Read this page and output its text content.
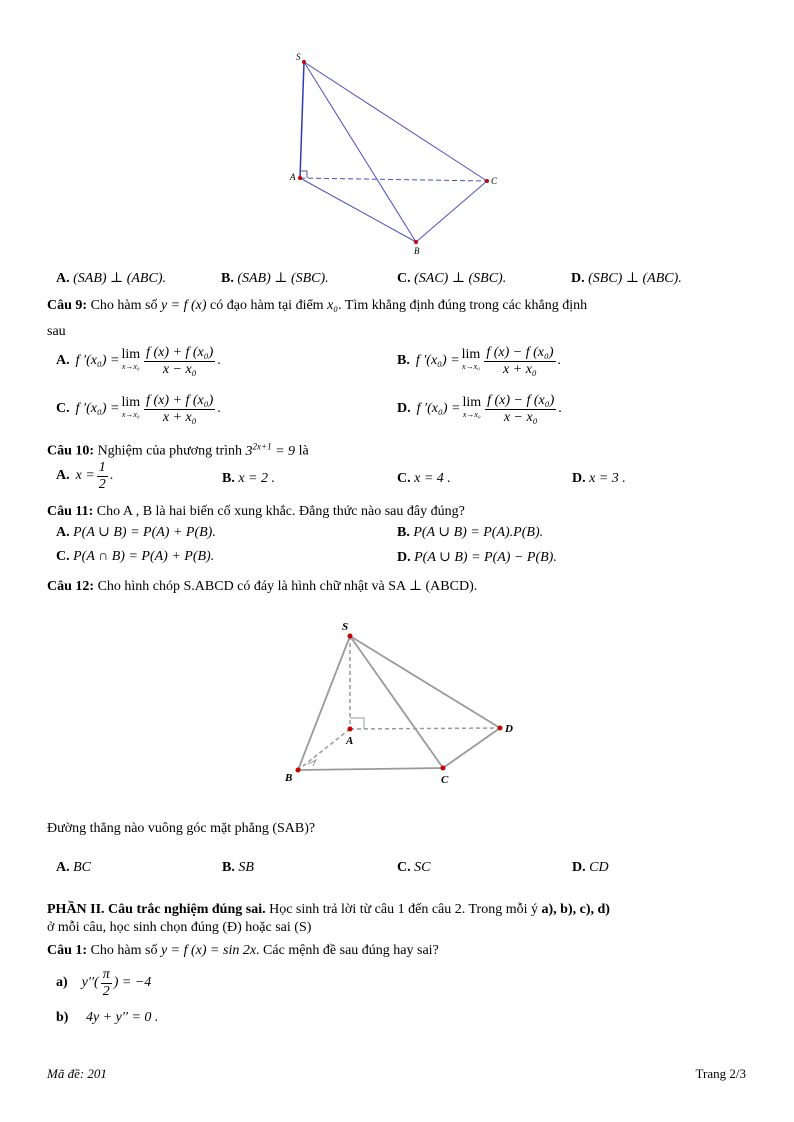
S
A
B
C
A. (SAB) ⊥ (ABC).	B. (SAB) ⊥ (SBC).	C. (SAC) ⊥ (SBC).	D. (SBC) ⊥ (ABC).
Câu 9: Cho hàm số y = f (x) có đạo hàm tại điểm x₀. Tìm khẳng định đúng trong các khẳng định
sau
A. f ′(x₀) = lim
$x\to x_0 \frac{\text{f (x) + f (x₀)}}{\text{x − x₀}}$ .	B. f ′(x₀) = lim
$x\to x_0 \frac{\text{f (x) − f (x₀)}}{\text{x + x₀}}$ .
C. f ′(x₀) = lim
$x\to x_0 \frac{\text{f (x) + f (x₀)}}{\text{x + x₀}}$ .	D. f ′(x₀) = lim
$x\to x_0 \frac{\text{f (x) − f (x₀)}}{\text{x − x₀}}$ .
Câu 10: Nghiệm của phương trình $3^{2x+1} = 9$ là
A. $x = \frac{1}{2}$ .	B. x = 2 .	C. x = 4 .	D. x = 3 .
Câu 11: Cho A , B là hai biến cố xung khắc. Đẳng thức nào sau đây đúng?
A. P(A ∪ B) = P(A) + P(B).	B. P(A ∪ B) = P(A).P(B).
C. P(A ∩ B) = P(A) + P(B).	D. P(A ∪ B) = P(A) − P(B).
Câu 12: Cho hình chóp S.ABCD có đáy là hình chữ nhật và SA ⊥ (ABCD).
S
A
B	C
D
Đường thẳng nào vuông góc mặt phẳng (SAB)?
A. BC	B. SB	C. SC	D. CD
PHẦN II. Câu trắc nghiệm đúng sai. Học sinh trả lời từ câu 1 đến câu 2. Trong mỗi ý a), b), c), d)
ở mỗi câu, học sinh chọn đúng (Đ) hoặc sai (S)
Câu 1: Cho hàm số y = f (x) = sin 2x. Các mệnh đề sau đúng hay sai?
a) $y''( \frac{\pi}{2}$ ) = −4
b) 4y + y′′ = 0 .
Mã đề: 201	Trang 2/3
